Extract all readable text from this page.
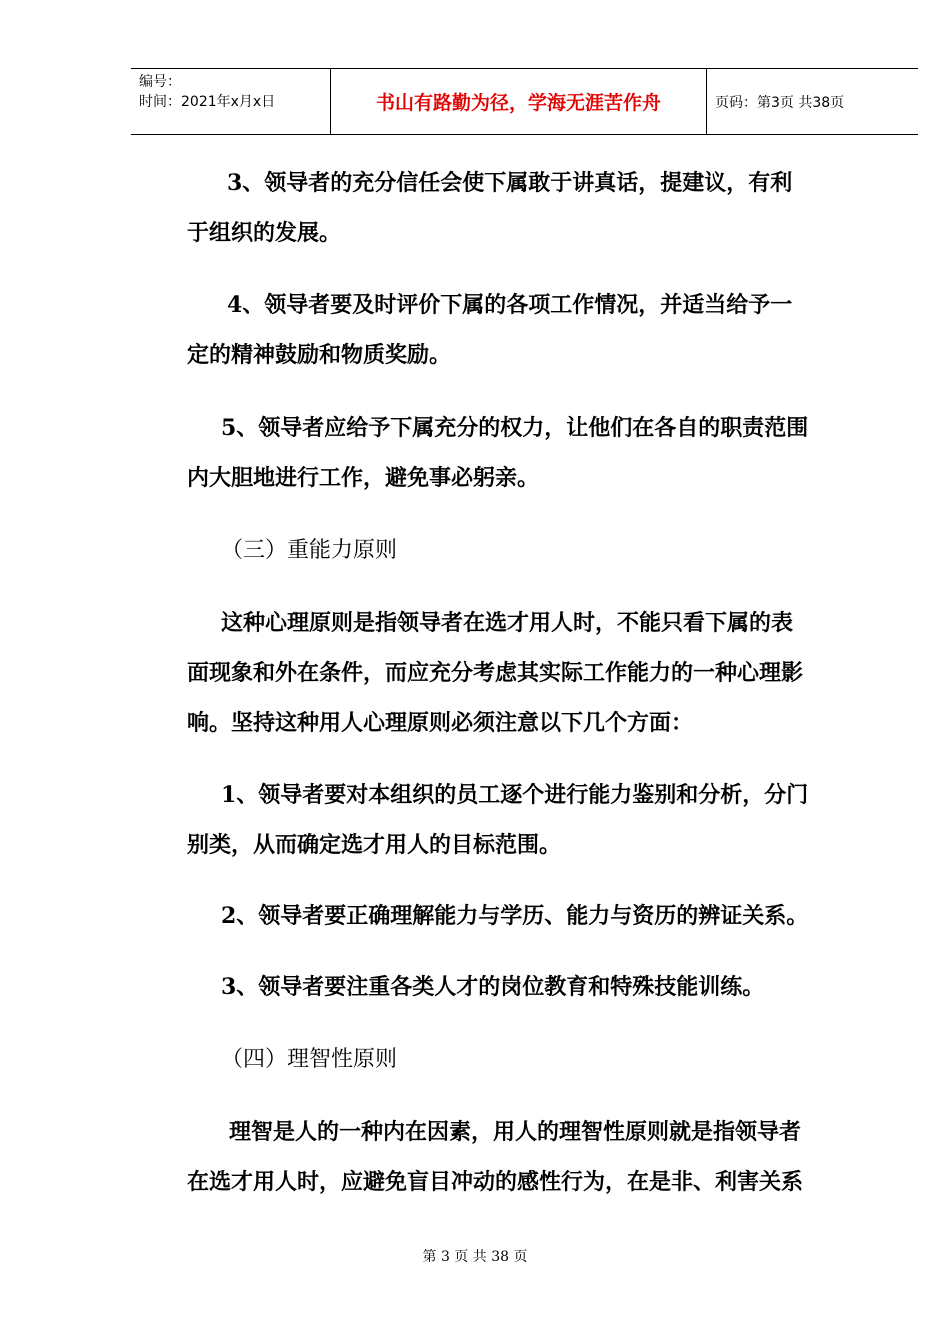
编号：
时间：2021年x月x日	书山有路勤为径，学海无涯苦作舟	页码：第3页 共38页

3、领导者的充分信任会使下属敢于讲真话，提建议，有利
于组织的发展。

4、领导者要及时评价下属的各项工作情况，并适当给予一
定的精神鼓励和物质奖励。

5、领导者应给予下属充分的权力，让他们在各自的职责范围
内大胆地进行工作，避免事必躬亲。

（三）重能力原则

这种心理原则是指领导者在选才用人时，不能只看下属的表
面现象和外在条件，而应充分考虑其实际工作能力的一种心理影
响。坚持这种用人心理原则必须注意以下几个方面：

1、领导者要对本组织的员工逐个进行能力鉴别和分析，分门
别类，从而确定选才用人的目标范围。

2、领导者要正确理解能力与学历、能力与资历的辨证关系。

3、领导者要注重各类人才的岗位教育和特殊技能训练。

（四）理智性原则

理智是人的一种内在因素，用人的理智性原则就是指领导者
在选才用人时，应避免盲目冲动的感性行为，在是非、利害关系

第 3 页 共 38 页
